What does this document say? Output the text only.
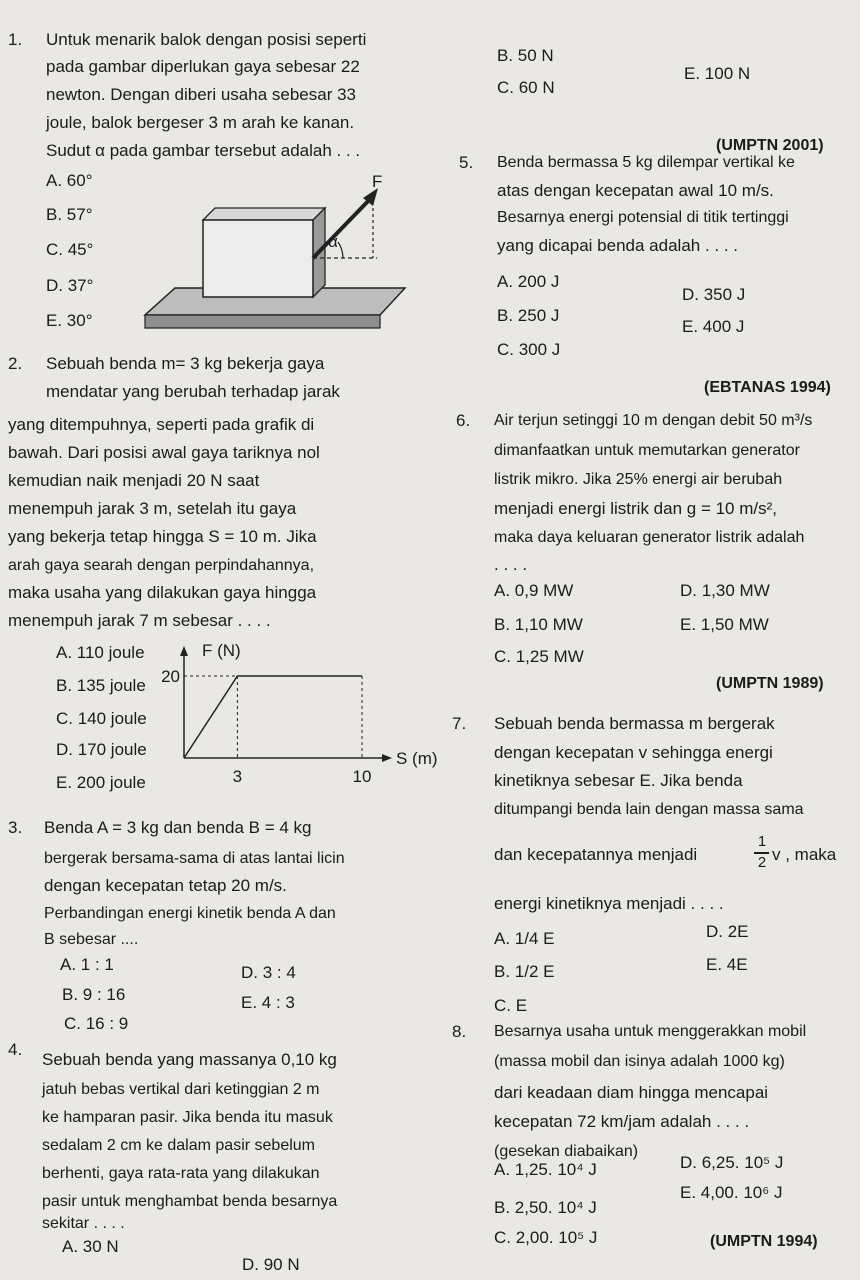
1. Untuk menarik balok dengan posisi seperti
pada gambar diperlukan gaya sebesar 22
newton. Dengan diberi usaha sebesar 33
joule, balok bergeser 3 m arah ke kanan.
Sudut α pada gambar tersebut adalah . . .
A. 60°
B. 57°
C. 45°
D. 37°
E. 30°
F
α
B. 50 N
C. 60 N
E. 100 N
(UMPTN 2001)
5. Benda bermassa 5 kg dilempar vertikal ke
atas dengan kecepatan awal 10 m/s.
Besarnya energi potensial di titik tertinggi
yang dicapai benda adalah . . . .
A. 200 J
B. 250 J
C. 300 J
D. 350 J
E. 400 J
(EBTANAS 1994)
2. Sebuah benda m= 3 kg bekerja gaya
mendatar yang berubah terhadap jarak
yang ditempuhnya, seperti pada grafik di
bawah. Dari posisi awal gaya tariknya nol
kemudian naik menjadi 20 N saat
menempuh jarak 3 m, setelah itu gaya
yang bekerja tetap hingga S = 10 m. Jika
arah gaya searah dengan perpindahannya,
maka usaha yang dilakukan gaya hingga
menempuh jarak 7 m sebesar . . . .
A. 110 joule
B. 135 joule
C. 140 joule
D. 170 joule
E. 200 joule
F (N)
S (m)
20
3	10
6. Air terjun setinggi 10 m dengan debit 50 m³/s
dimanfaatkan untuk memutarkan generator
listrik mikro. Jika 25% energi air berubah
menjadi energi listrik dan g = 10 m/s²,
maka daya keluaran generator listrik adalah
. . . .
A. 0,9 MW
B. 1,10 MW
C. 1,25 MW
D. 1,30 MW
E. 1,50 MW
(UMPTN 1989)
7. Sebuah benda bermassa m bergerak
dengan kecepatan v sehingga energi
kinetiknya sebesar E. Jika benda
ditumpangi benda lain dengan massa sama
dan kecepatannya menjadi
1
2 v , maka
energi kinetiknya menjadi . . . .
A. 1/4 E
B. 1/2 E
C. E
D. 2E
E. 4E
3. Benda A = 3 kg dan benda B = 4 kg
bergerak bersama-sama di atas lantai licin
dengan kecepatan tetap 20 m/s.
Perbandingan energi kinetik benda A dan
B sebesar ....
A. 1 : 1
B. 9 : 16
C. 16 : 9
D. 3 : 4
E. 4 : 3
8. Besarnya usaha untuk menggerakkan mobil
(massa mobil dan isinya adalah 1000 kg)
dari keadaan diam hingga mencapai
kecepatan 72 km/jam adalah . . . .
(gesekan diabaikan)
A. 1,25. 10⁴ J
B. 2,50. 10⁴ J
C. 2,00. 10⁵ J
D. 6,25. 10⁵ J
E. 4,00. 10⁶ J
(UMPTN 1994)
4.
Sebuah benda yang massanya 0,10 kg
jatuh bebas vertikal dari ketinggian 2 m
ke hamparan pasir. Jika benda itu masuk
sedalam 2 cm ke dalam pasir sebelum
berhenti, gaya rata-rata yang dilakukan
pasir untuk menghambat benda besarnya
sekitar . . . .
A. 30 N
D. 90 N
